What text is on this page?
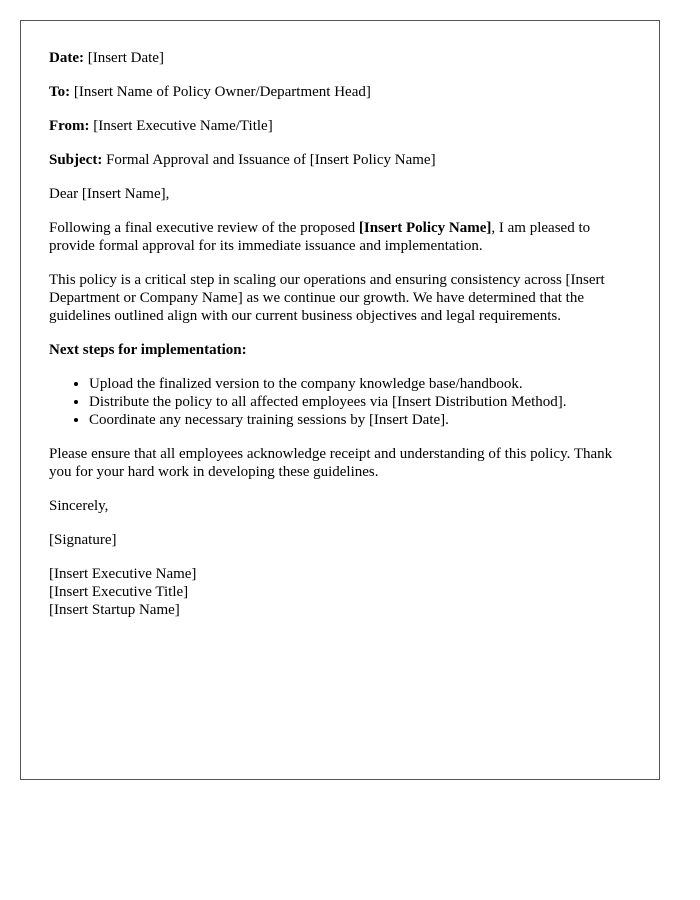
Date: [Insert Date]

To: [Insert Name of Policy Owner/Department Head]

From: [Insert Executive Name/Title]

Subject: Formal Approval and Issuance of [Insert Policy Name]

Dear [Insert Name],

Following a final executive review of the proposed [Insert Policy Name], I am pleased to provide formal approval for its immediate issuance and implementation.

This policy is a critical step in scaling our operations and ensuring consistency across [Insert Department or Company Name] as we continue our growth. We have determined that the guidelines outlined align with our current business objectives and legal requirements.

Next steps for implementation:

• Upload the finalized version to the company knowledge base/handbook.
• Distribute the policy to all affected employees via [Insert Distribution Method].
• Coordinate any necessary training sessions by [Insert Date].

Please ensure that all employees acknowledge receipt and understanding of this policy. Thank you for your hard work in developing these guidelines.

Sincerely,

[Signature]

[Insert Executive Name]
[Insert Executive Title]
[Insert Startup Name]
